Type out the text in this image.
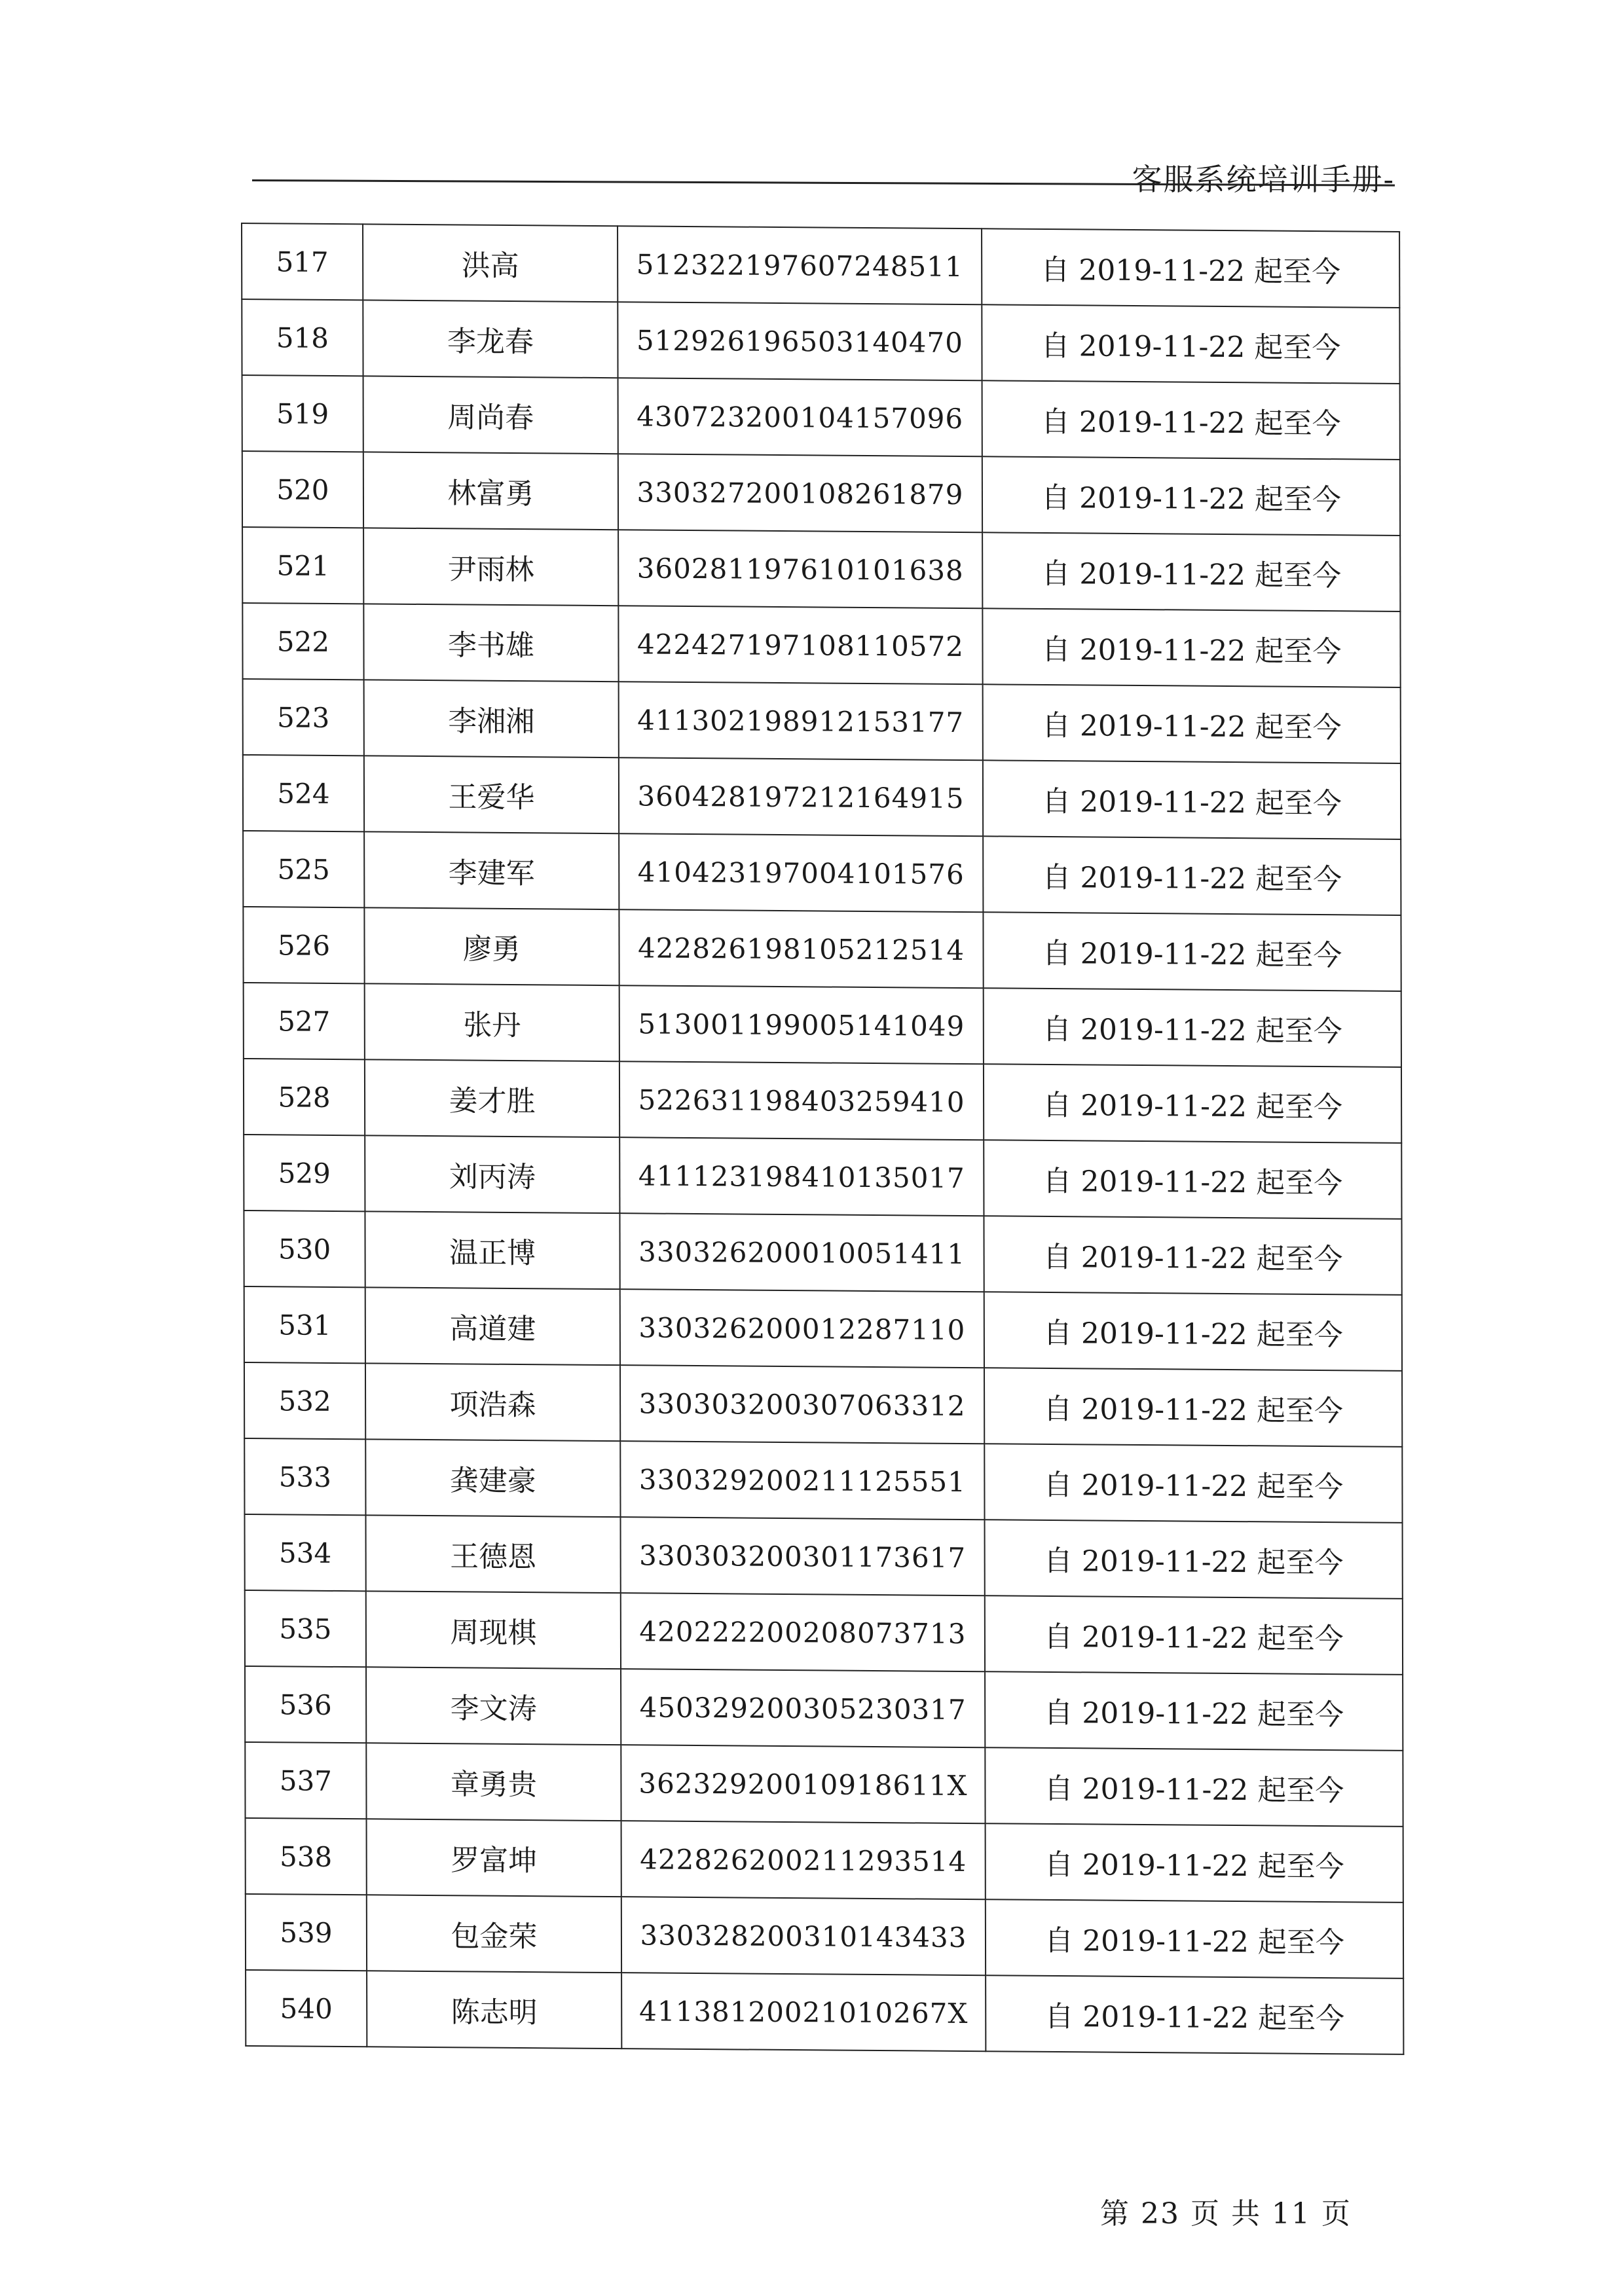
客服系统培训手册-
517	洪高	512322197607248511	自 2019-11-22 起至今
518	李龙春	512926196503140470	自 2019-11-22 起至今
519	周尚春	430723200104157096	自 2019-11-22 起至今
520	林富勇	330327200108261879	自 2019-11-22 起至今
521	尹雨林	360281197610101638	自 2019-11-22 起至今
522	李书雄	422427197108110572	自 2019-11-22 起至今
523	李湘湘	411302198912153177	自 2019-11-22 起至今
524	王爱华	360428197212164915	自 2019-11-22 起至今
525	李建军	410423197004101576	自 2019-11-22 起至今
526	廖勇	422826198105212514	自 2019-11-22 起至今
527	张丹	513001199005141049	自 2019-11-22 起至今
528	姜才胜	522631198403259410	自 2019-11-22 起至今
529	刘丙涛	411123198410135017	自 2019-11-22 起至今
530	温正博	330326200010051411	自 2019-11-22 起至今
531	高道建	330326200012287110	自 2019-11-22 起至今
532	项浩森	330303200307063312	自 2019-11-22 起至今
533	龚建豪	330329200211125551	自 2019-11-22 起至今
534	王德恩	330303200301173617	自 2019-11-22 起至今
535	周现棋	420222200208073713	自 2019-11-22 起至今
536	李文涛	450329200305230317	自 2019-11-22 起至今
537	章勇贵	36232920010918611X	自 2019-11-22 起至今
538	罗富坤	422826200211293514	自 2019-11-22 起至今
539	包金荣	330328200310143433	自 2019-11-22 起至今
540	陈志明	41138120021010267X	自 2019-11-22 起至今
第 23 页 共 11 页
